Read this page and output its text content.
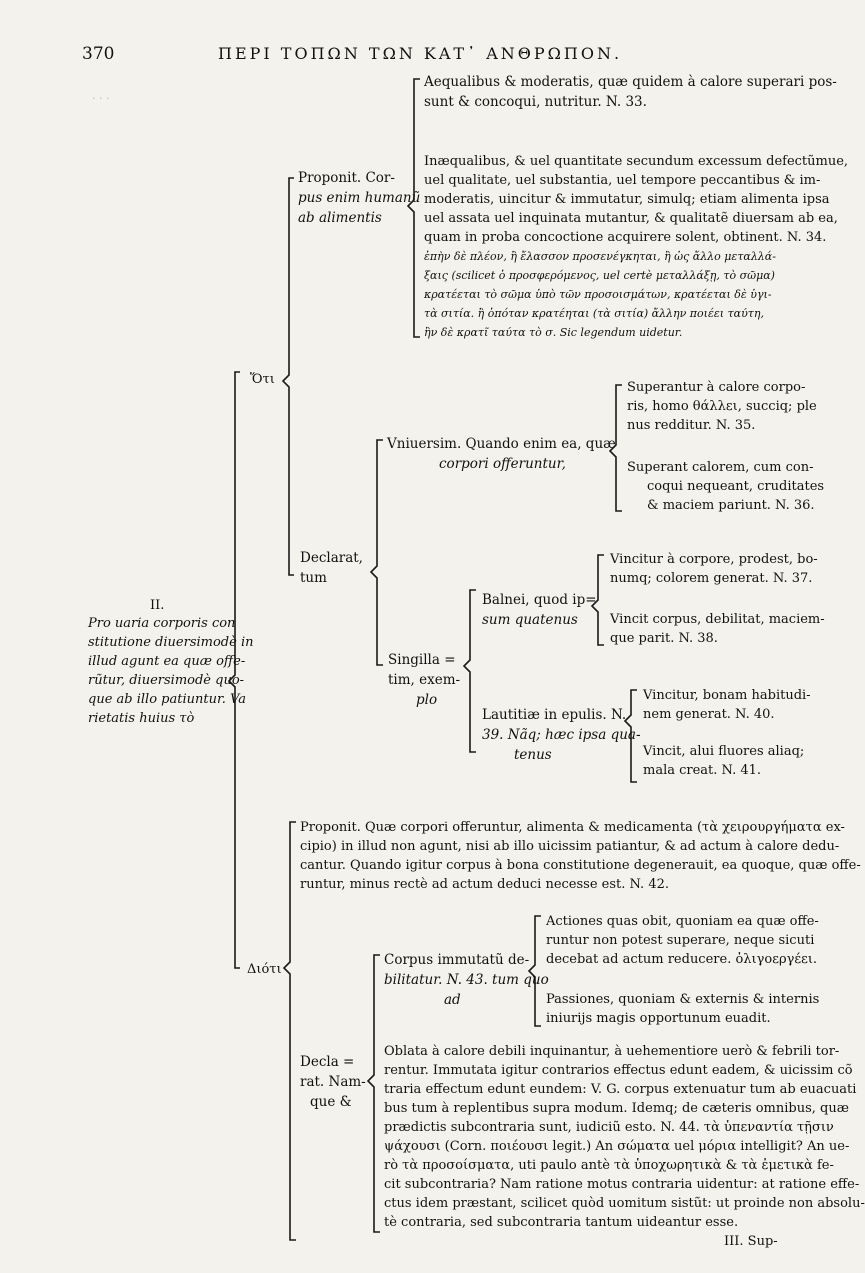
· · ·
370	ΠΕΡΙ ΤΟΠΩΝ ΤΩΝ ΚΑΤ᾽ ΑΝΘΡΩΠΟΝ.
II.
Pro uaria corporis con
stitutione diuersimodè in
illud agunt ea quæ offe-
rũtur, diuersimodè quo-
que ab illo patiuntur. Va
rietatis huius τὸ
Ὅτι
Proponit. Cor-
pus enim humanũ
ab alimentis
Aequalibus & moderatis, quæ quidem à calore superari pos-
sunt & concoqui, nutritur. N. 33.
Inæqualibus, & uel quantitate secundum excessum defectũmue,
uel qualitate, uel substantia, uel tempore peccantibus & im-
moderatis, uincitur & immutatur, simulq; etiam alimenta ipsa
uel assata uel inquinata mutantur, & qualitatẽ diuersam ab ea,
quam in proba concoctione acquirere solent, obtinent. N. 34.
ἐπὴν δὲ πλέον, ἢ ἔλασσον προσενέγκηται, ἢ ὡς ἄλλο μεταλλά-
ξαις (scilicet ὁ προσφερόμενος, uel certè μεταλλάξῃ, τὸ σῶμα)
κρατέεται τὸ σῶμα ὑπὸ τῶν προσοισμάτων, κρατέεται δὲ ὑγι-
τὰ σιτία. ἢ ὁπόταν κρατέηται (τὰ σιτία) ἄλλην ποιέει ταύτη,
ἣν δὲ κρατῖ ταύτα τὸ σ. Sic legendum uidetur.
Declarat,
tum
Vniuersim. Quando enim ea, quæ
corpori offeruntur,
Superantur à calore corpo-
ris, homo θάλλει, succiq; ple
nus redditur. N. 35.
Superant calorem, cum con-
coqui nequeant, cruditates
& maciem pariunt. N. 36.
Singilla =
tim, exem-
plo
Balnei, quod ip=
sum quatenus
Vincitur à corpore, prodest, bo-
numq; colorem generat. N. 37.
Vincit corpus, debilitat, maciem-
que parit. N. 38.
Lautitiæ in epulis. N.
39. Nãq; hæc ipsa qua-
tenus
Vincitur, bonam habitudi-
nem generat. N. 40.
Vincit, alui fluores aliaq;
mala creat. N. 41.
Διότι
Proponit. Quæ corpori offeruntur, alimenta & medicamenta (τὰ χειρουργήματα ex-
cipio) in illud non agunt, nisi ab illo uicissim patiantur, & ad actum à calore dedu-
cantur. Quando igitur corpus à bona constitutione degenerauit, ea quoque, quæ offe-
runtur, minus rectè ad actum deduci necesse est. N. 42.
Decla =
rat. Nam-
que &
Corpus immutatũ de-
bilitatur. N. 43. tum quo
ad
Actiones quas obit, quoniam ea quæ offe-
runtur non potest superare, neque sicuti
decebat ad actum reducere. ὀλιγοεργέει.
Passiones, quoniam & externis & internis
iniurijs magis opportunum euadit.
Oblata à calore debili inquinantur, à uehementiore uerò & febrili tor-
rentur. Immutata igitur contrarios effectus edunt eadem, & uicissim cõ
traria effectum edunt eundem: V. G. corpus extenuatur tum ab euacuati
bus tum à replentibus supra modum. Idemq; de cæteris omnibus, quæ
prædictis subcontraria sunt, iudiciũ esto. N. 44. τὰ ὑπεναντία τῇσιν
ψάχουσι (Corn. ποιέουσι legit.) An σώματα uel μόρια intelligit? An ue-
rò τὰ προσοίσματα, uti paulo antè τὰ ὑποχωρητικὰ & τὰ ἐμετικὰ fe-
cit subcontraria? Nam ratione motus contraria uidentur: at ratione effe-
ctus idem præstant, scilicet quòd uomitum sistũt: ut proinde non absolu-
tè contraria, sed subcontraria tantum uideantur esse.
III. Sup-
